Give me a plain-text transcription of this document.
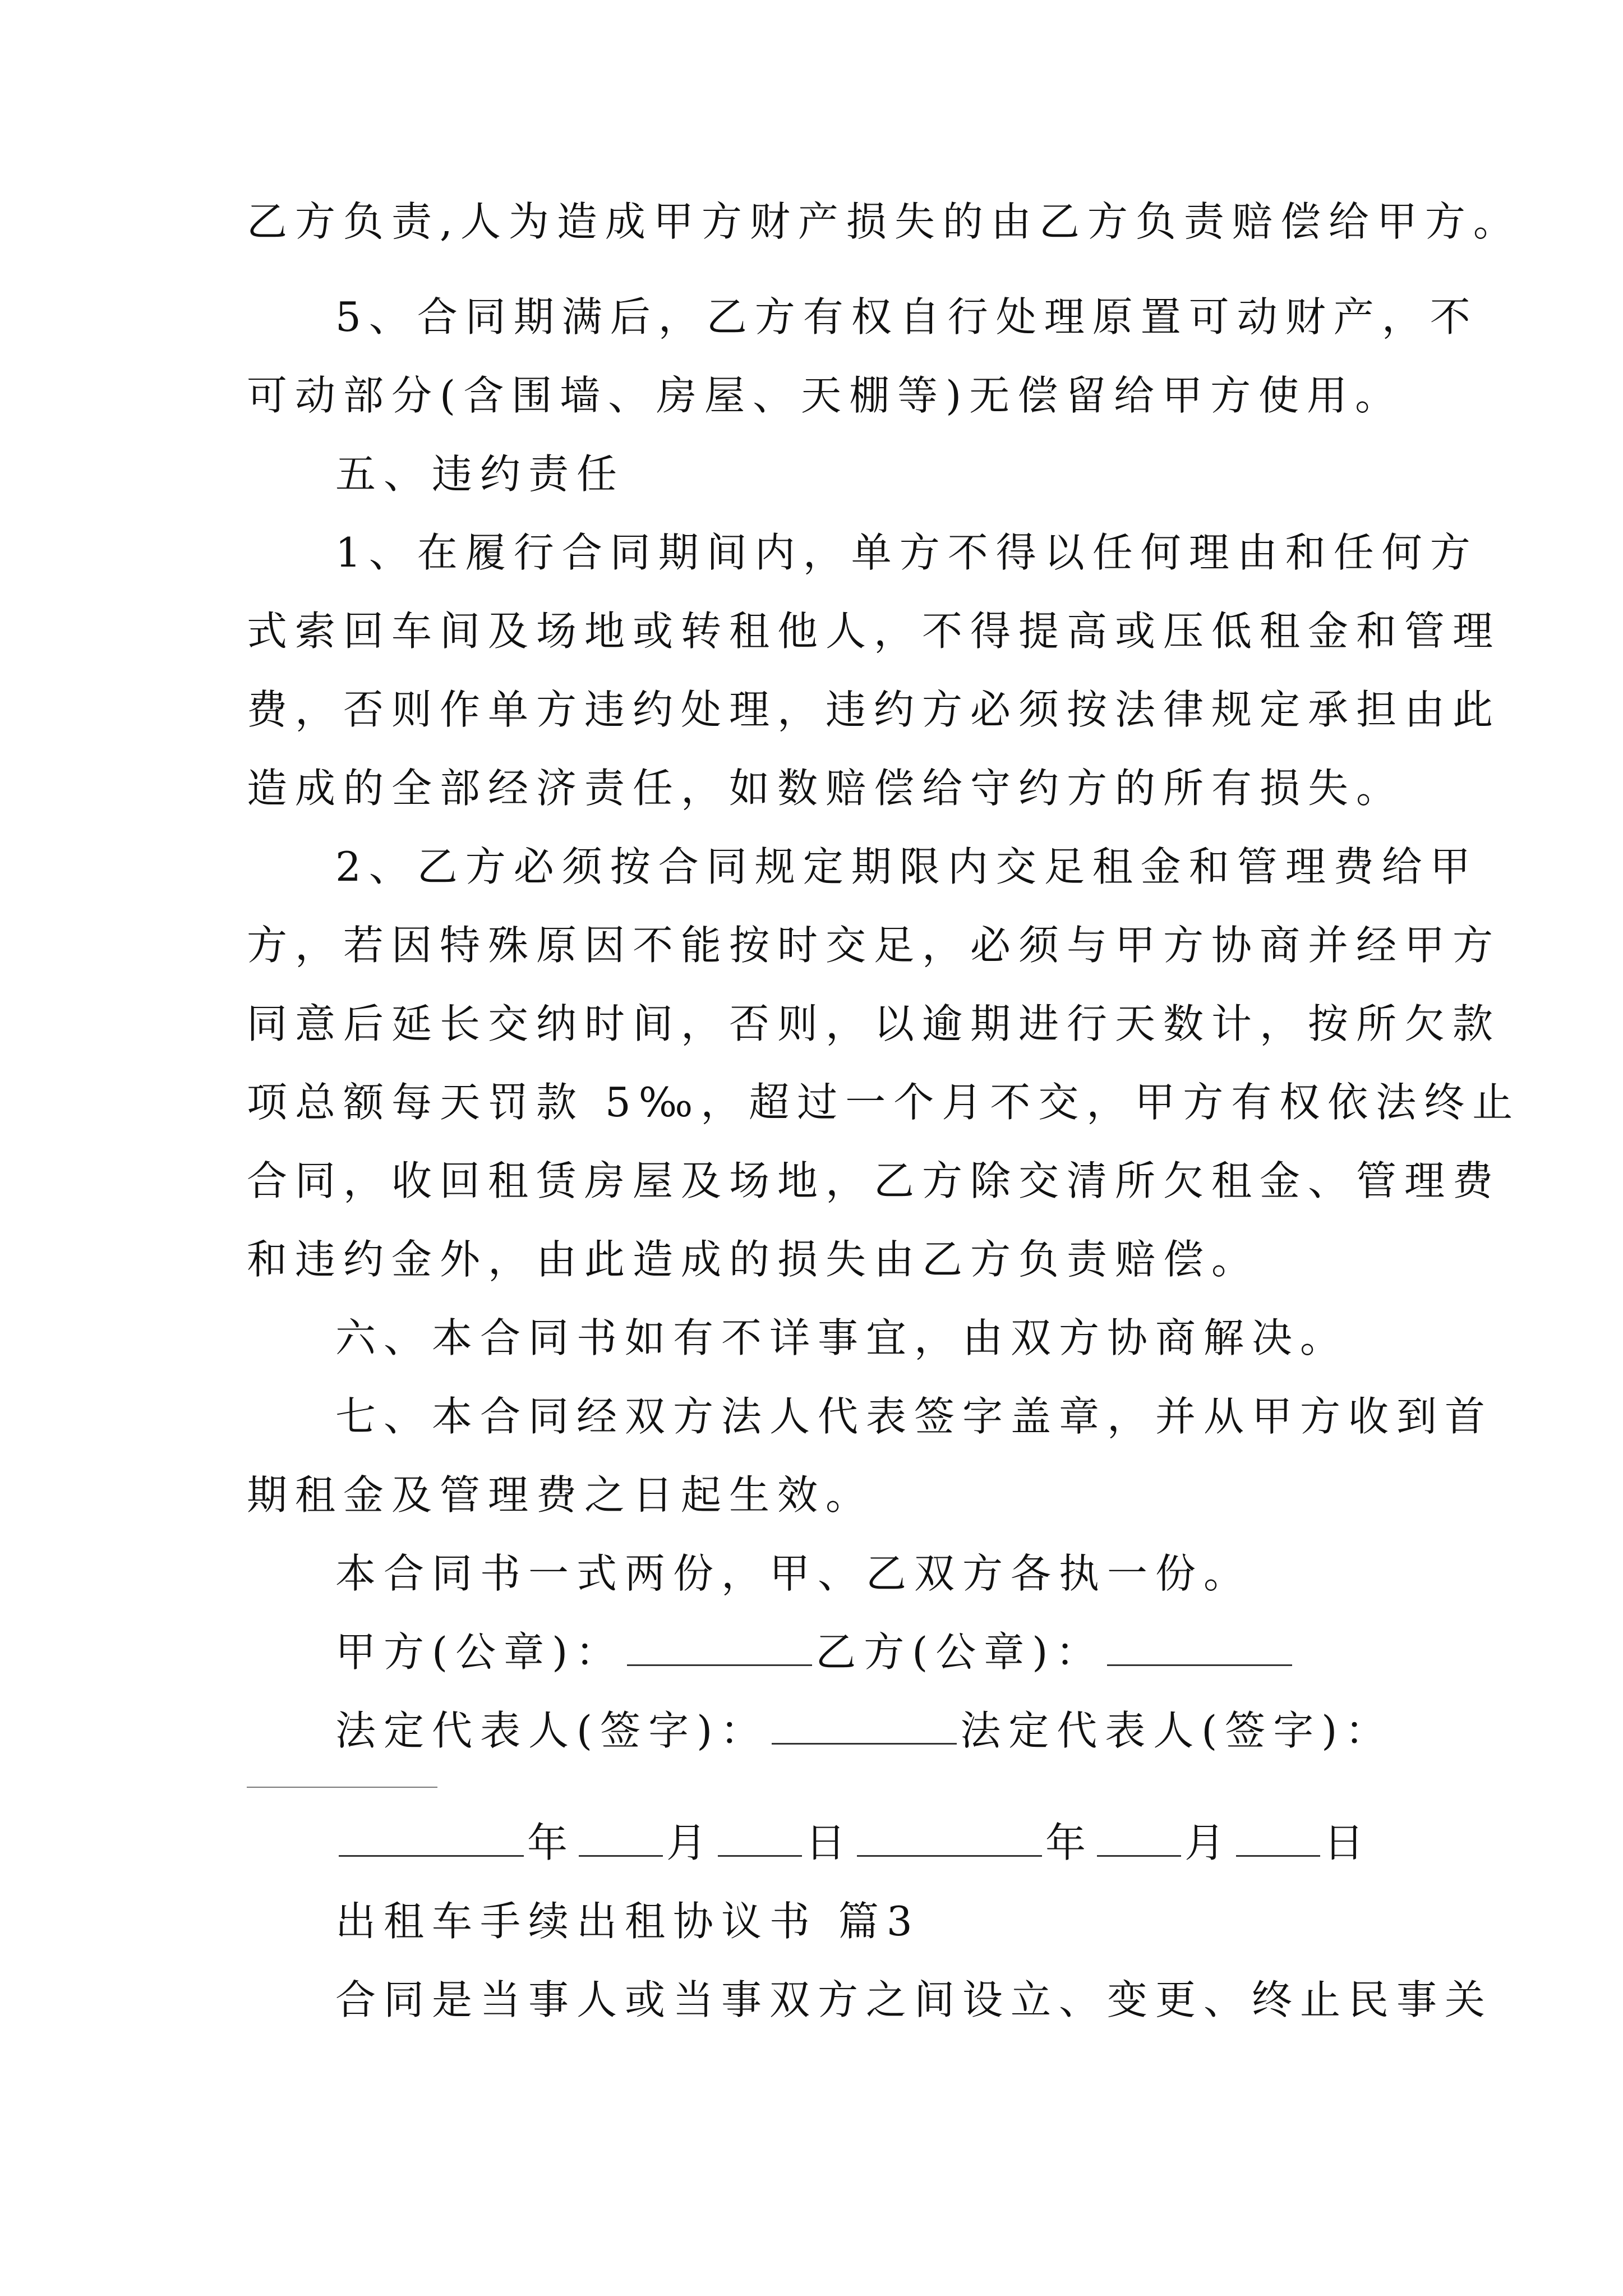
乙方负责,人为造成甲方财产损失的由乙方负责赔偿给甲方。

5、合同期满后，乙方有权自行处理原置可动财产，不

可动部分(含围墙、房屋、天棚等)无偿留给甲方使用。

五、违约责任

1、在履行合同期间内，单方不得以任何理由和任何方

式索回车间及场地或转租他人，不得提高或压低租金和管理

费，否则作单方违约处理，违约方必须按法律规定承担由此

造成的全部经济责任，如数赔偿给守约方的所有损失。

2、乙方必须按合同规定期限内交足租金和管理费给甲

方，若因特殊原因不能按时交足，必须与甲方协商并经甲方

同意后延长交纳时间，否则，以逾期进行天数计，按所欠款

项总额每天罚款 5‰，超过一个月不交，甲方有权依法终止

合同，收回租赁房屋及场地，乙方除交清所欠租金、管理费

和违约金外，由此造成的损失由乙方负责赔偿。

六、本合同书如有不详事宜，由双方协商解决。

七、本合同经双方法人代表签字盖章，并从甲方收到首

期租金及管理费之日起生效。

本合同书一式两份，甲、乙双方各执一份。

甲方(公章)：	乙方(公章)：

法定代表人(签字)：	法定代表人(签字)：

年 月 日	年 月 日

出租车手续出租协议书 篇3

合同是当事人或当事双方之间设立、变更、终止民事关
